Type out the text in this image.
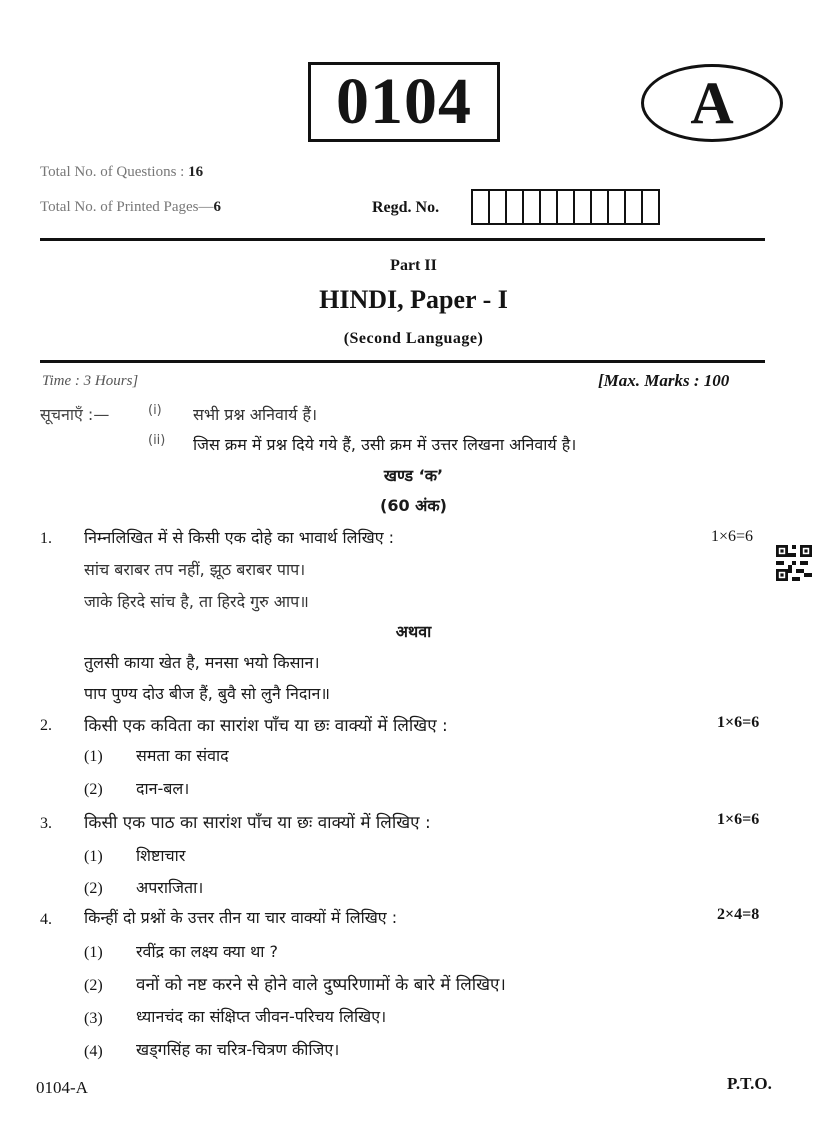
0104	A
Total No. of Questions : 16
Total No. of Printed Pages—6	Regd. No.
Part II
HINDI, Paper - I
(Second Language)
Time : 3 Hours]	[Max. Marks : 100
सूचनाएँ :—	(i) सभी प्रश्न अनिवार्य हैं।
(ii) जिस क्रम में प्रश्न दिये गये हैं, उसी क्रम में उत्तर लिखना अनिवार्य है।
खण्ड ‘क’
(60 अंक)
1. निम्नलिखित में से किसी एक दोहे का भावार्थ लिखिए :	1×6=6
सांच बराबर तप नहीं, झूठ बराबर पाप।
जाके हिरदे सांच है, ता हिरदे गुरु आप॥
अथवा
तुलसी काया खेत है, मनसा भयो किसान।
पाप पुण्य दोउ बीज हैं, बुवै सो लुनै निदान॥
2. किसी एक कविता का सारांश पाँच या छः वाक्यों में लिखिए :	1×6=6
(1) समता का संवाद
(2) दान-बल।
3. किसी एक पाठ का सारांश पाँच या छः वाक्यों में लिखिए :	1×6=6
(1) शिष्टाचार
(2) अपराजिता।
4. किन्हीं दो प्रश्नों के उत्तर तीन या चार वाक्यों में लिखिए :	2×4=8
(1) रवींद्र का लक्ष्य क्या था ?
(2) वनों को नष्ट करने से होने वाले दुष्परिणामों के बारे में लिखिए।
(3) ध्यानचंद का संक्षिप्त जीवन-परिचय लिखिए।
(4) खड्गसिंह का चरित्र-चित्रण कीजिए।
0104-A	P.T.O.
